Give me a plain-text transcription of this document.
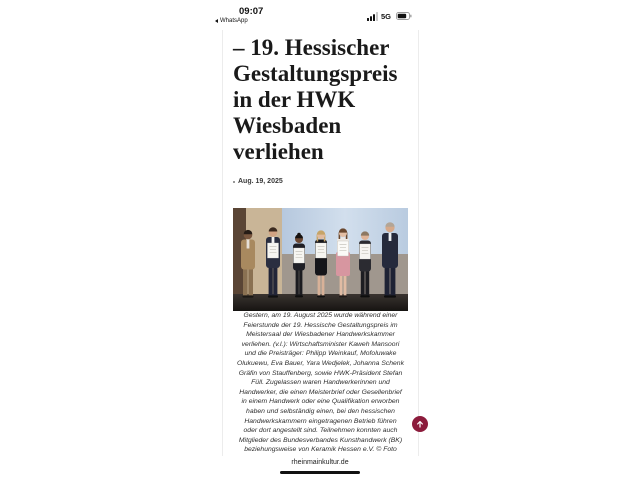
09:07
WhatsApp
5G
– 19. Hessischer
Gestaltungspreis
in der HWK
Wiesbaden
verliehen
Aug. 19, 2025
Gestern, am 19. August 2025 wurde während einer
Feierstunde der 19. Hessische Gestaltungspreis im
Meistersaal der Wiesbadener Handwerkskammer
verliehen. (v.l.): Wirtschaftsminister Kaweh Mansoori
und die Preisträger: Philipp Weinkauf, Mofoluwake
Olukuewu, Eva Bauer, Yara Wedjelek, Johanna Schenk
Gräfin von Stauffenberg, sowie HWK-Präsident Stefan
Füll. Zugelassen waren Handwerkerinnen und
Handwerker, die einen Meisterbrief oder Gesellenbrief
in einem Handwerk oder eine Qualifikation erworben
haben und selbständig einen, bei den hessischen
Handwerkskammern eingetragenen Betrieb führen
oder dort angestellt sind. Teilnehmen konnten auch
Mitglieder des Bundesverbandes Kunsthandwerk (BK)
beziehungsweise von Keramik Hessen e.V. © Foto
rheinmainkultur.de
